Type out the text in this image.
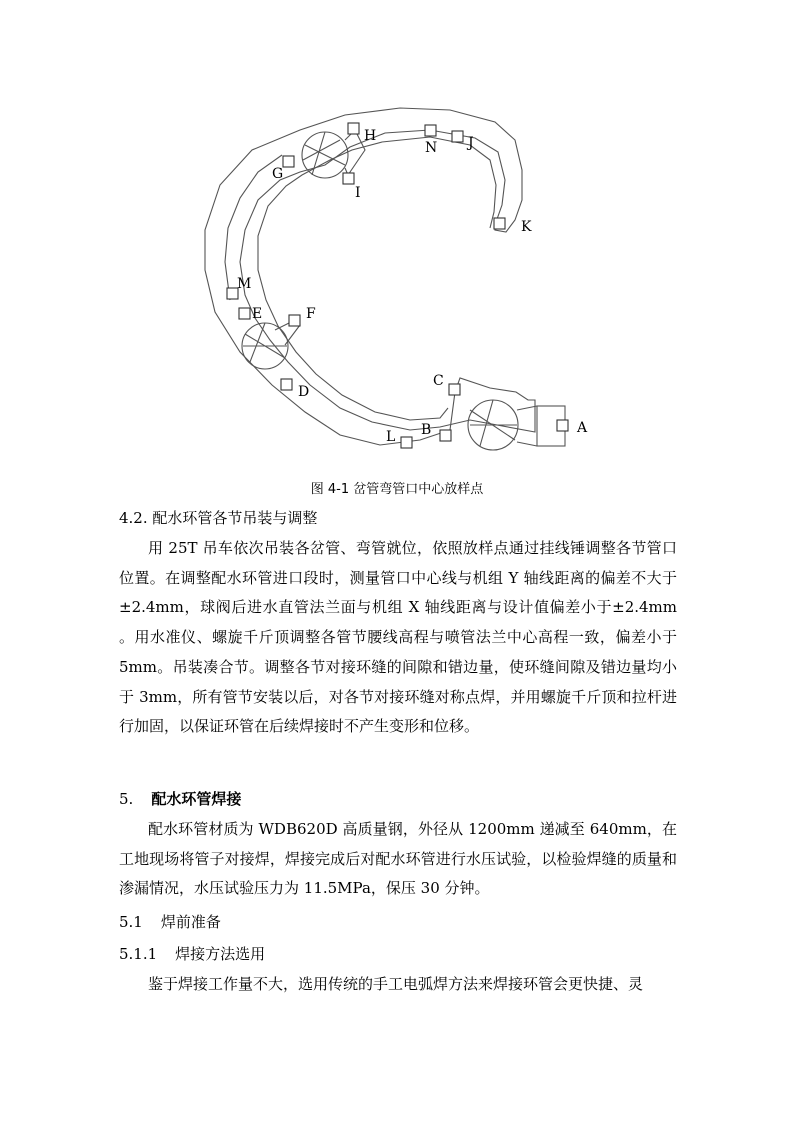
A
B
C
D
E	F
G
H
I
J
K
L
M
N
图 4-1 岔管弯管口中心放样点
4.2. 配水环管各节吊装与调整
用 25T 吊车依次吊装各岔管、弯管就位，依照放样点通过挂线锤调整各节管口位置。在调整配水环管进口段时，测量管口中心线与机组 Y 轴线距离的偏差不大于±2.4mm，球阀后进水直管法兰面与机组 X 轴线距离与设计值偏差小于±2.4mm 。用水准仪、螺旋千斤顶调整各管节腰线高程与喷管法兰中心高程一致，偏差小于 5mm。吊装凑合节。调整各节对接环缝的间隙和错边量，使环缝间隙及错边量均小于 3mm，所有管节安装以后，对各节对接环缝对称点焊，并用螺旋千斤顶和拉杆进行加固，以保证环管在后续焊接时不产生变形和位移。
5. 配水环管焊接
配水环管材质为 WDB620D 高质量钢，外径从 1200mm 递减至 640mm，在工地现场将管子对接焊，焊接完成后对配水环管进行水压试验，以检验焊缝的质量和渗漏情况，水压试验压力为 11.5MPa，保压 30 分钟。
5.1 焊前准备
5.1.1 焊接方法选用
鉴于焊接工作量不大，选用传统的手工电弧焊方法来焊接环管会更快捷、灵
